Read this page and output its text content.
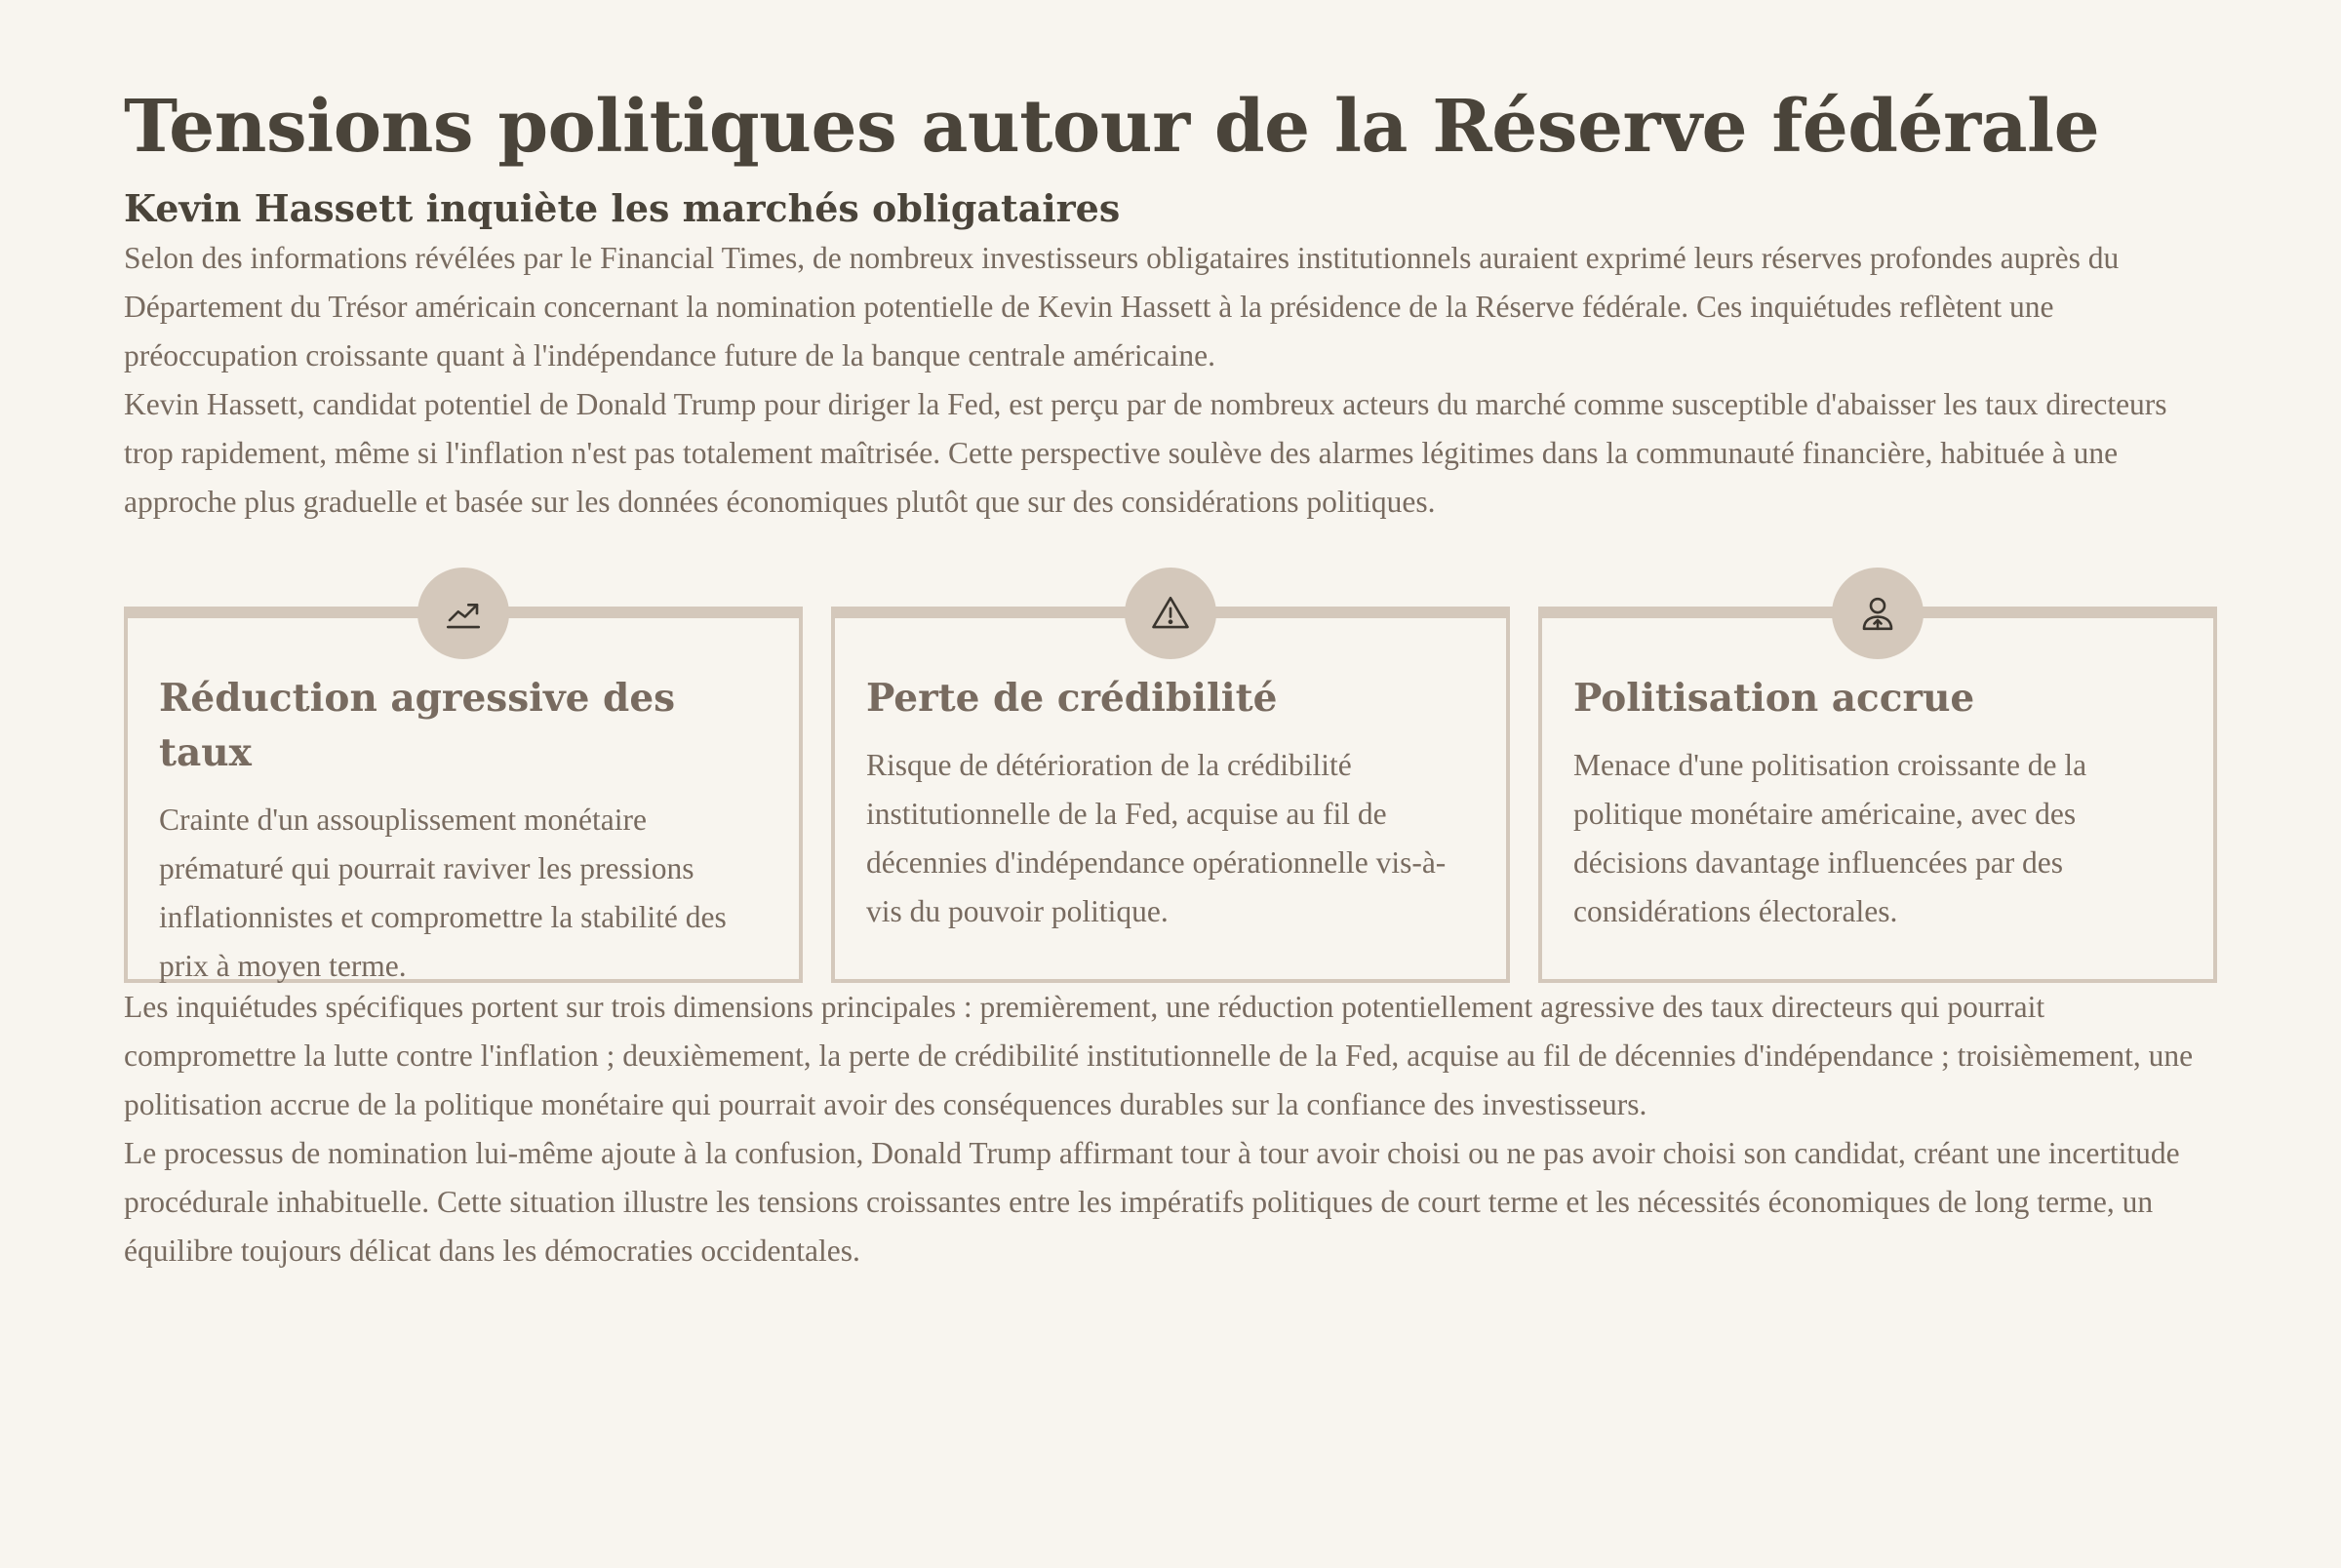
Tensions politiques autour de la Réserve fédérale
Kevin Hassett inquiète les marchés obligataires

Selon des informations révélées par le Financial Times, de nombreux investisseurs obligataires institutionnels auraient exprimé leurs réserves profondes auprès du Département du Trésor américain concernant la nomination potentielle de Kevin Hassett à la présidence de la Réserve fédérale. Ces inquiétudes reflètent une préoccupation croissante quant à l'indépendance future de la banque centrale américaine.

Kevin Hassett, candidat potentiel de Donald Trump pour diriger la Fed, est perçu par de nombreux acteurs du marché comme susceptible d'abaisser les taux directeurs trop rapidement, même si l'inflation n'est pas totalement maîtrisée. Cette perspective soulève des alarmes légitimes dans la communauté financière, habituée à une approche plus graduelle et basée sur les données économiques plutôt que sur des considérations politiques.

Réduction agressive des taux

Crainte d'un assouplissement monétaire prématuré qui pourrait raviver les pressions inflationnistes et compromettre la stabilité des prix à moyen terme.

Perte de crédibilité

Risque de détérioration de la crédibilité institutionnelle de la Fed, acquise au fil de décennies d'indépendance opérationnelle vis-à-vis du pouvoir politique.

Politisation accrue

Menace d'une politisation croissante de la politique monétaire américaine, avec des décisions davantage influencées par des considérations électorales.

Les inquiétudes spécifiques portent sur trois dimensions principales : premièrement, une réduction potentiellement agressive des taux directeurs qui pourrait compromettre la lutte contre l'inflation ; deuxièmement, la perte de crédibilité institutionnelle de la Fed, acquise au fil de décennies d'indépendance ; troisièmement, une politisation accrue de la politique monétaire qui pourrait avoir des conséquences durables sur la confiance des investisseurs.

Le processus de nomination lui-même ajoute à la confusion, Donald Trump affirmant tour à tour avoir choisi ou ne pas avoir choisi son candidat, créant une incertitude procédurale inhabituelle. Cette situation illustre les tensions croissantes entre les impératifs politiques de court terme et les nécessités économiques de long terme, un équilibre toujours délicat dans les démocraties occidentales.
